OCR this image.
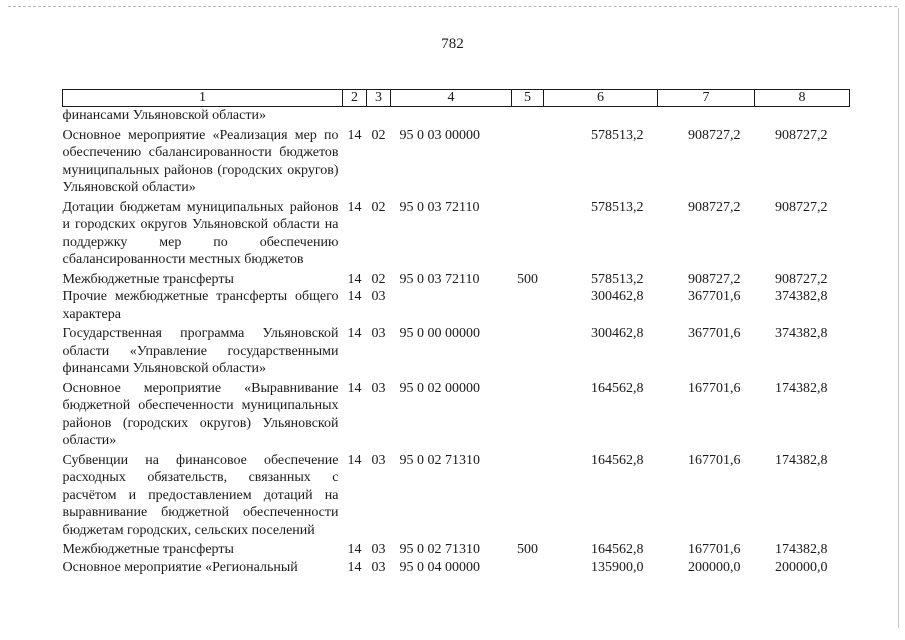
782
1	2	3	4	5	6	7	8
финансами Ульяновской области»							
Основное мероприятие «Реализация мер по обеспечению сбалансированности бюджетов муниципальных районов (городских округов) Ульяновской области»	14	02	95 0 03 00000		578513,2	908727,2	908727,2
Дотации бюджетам муниципальных районов и городских округов Ульяновской области на поддержку мер по обеспечению сбалансированности местных бюджетов	14	02	95 0 03 72110		578513,2	908727,2	908727,2
Межбюджетные трансферты	14	02	95 0 03 72110	500	578513,2	908727,2	908727,2
Прочие межбюджетные трансферты общего характера	14	03			300462,8	367701,6	374382,8
Государственная программа Ульяновской области «Управление государственными финансами Ульяновской области»	14	03	95 0 00 00000		300462,8	367701,6	374382,8
Основное мероприятие «Выравнивание бюджетной обеспеченности муниципальных районов (городских округов) Ульяновской области»	14	03	95 0 02 00000		164562,8	167701,6	174382,8
Субвенции на финансовое обеспечение расходных обязательств, связанных с расчётом и предоставлением дотаций на выравнивание бюджетной обеспеченности бюджетам городских, сельских поселений	14	03	95 0 02 71310		164562,8	167701,6	174382,8
Межбюджетные трансферты	14	03	95 0 02 71310	500	164562,8	167701,6	174382,8
Основное мероприятие «Региональный	14	03	95 0 04 00000		135900,0	200000,0	200000,0
